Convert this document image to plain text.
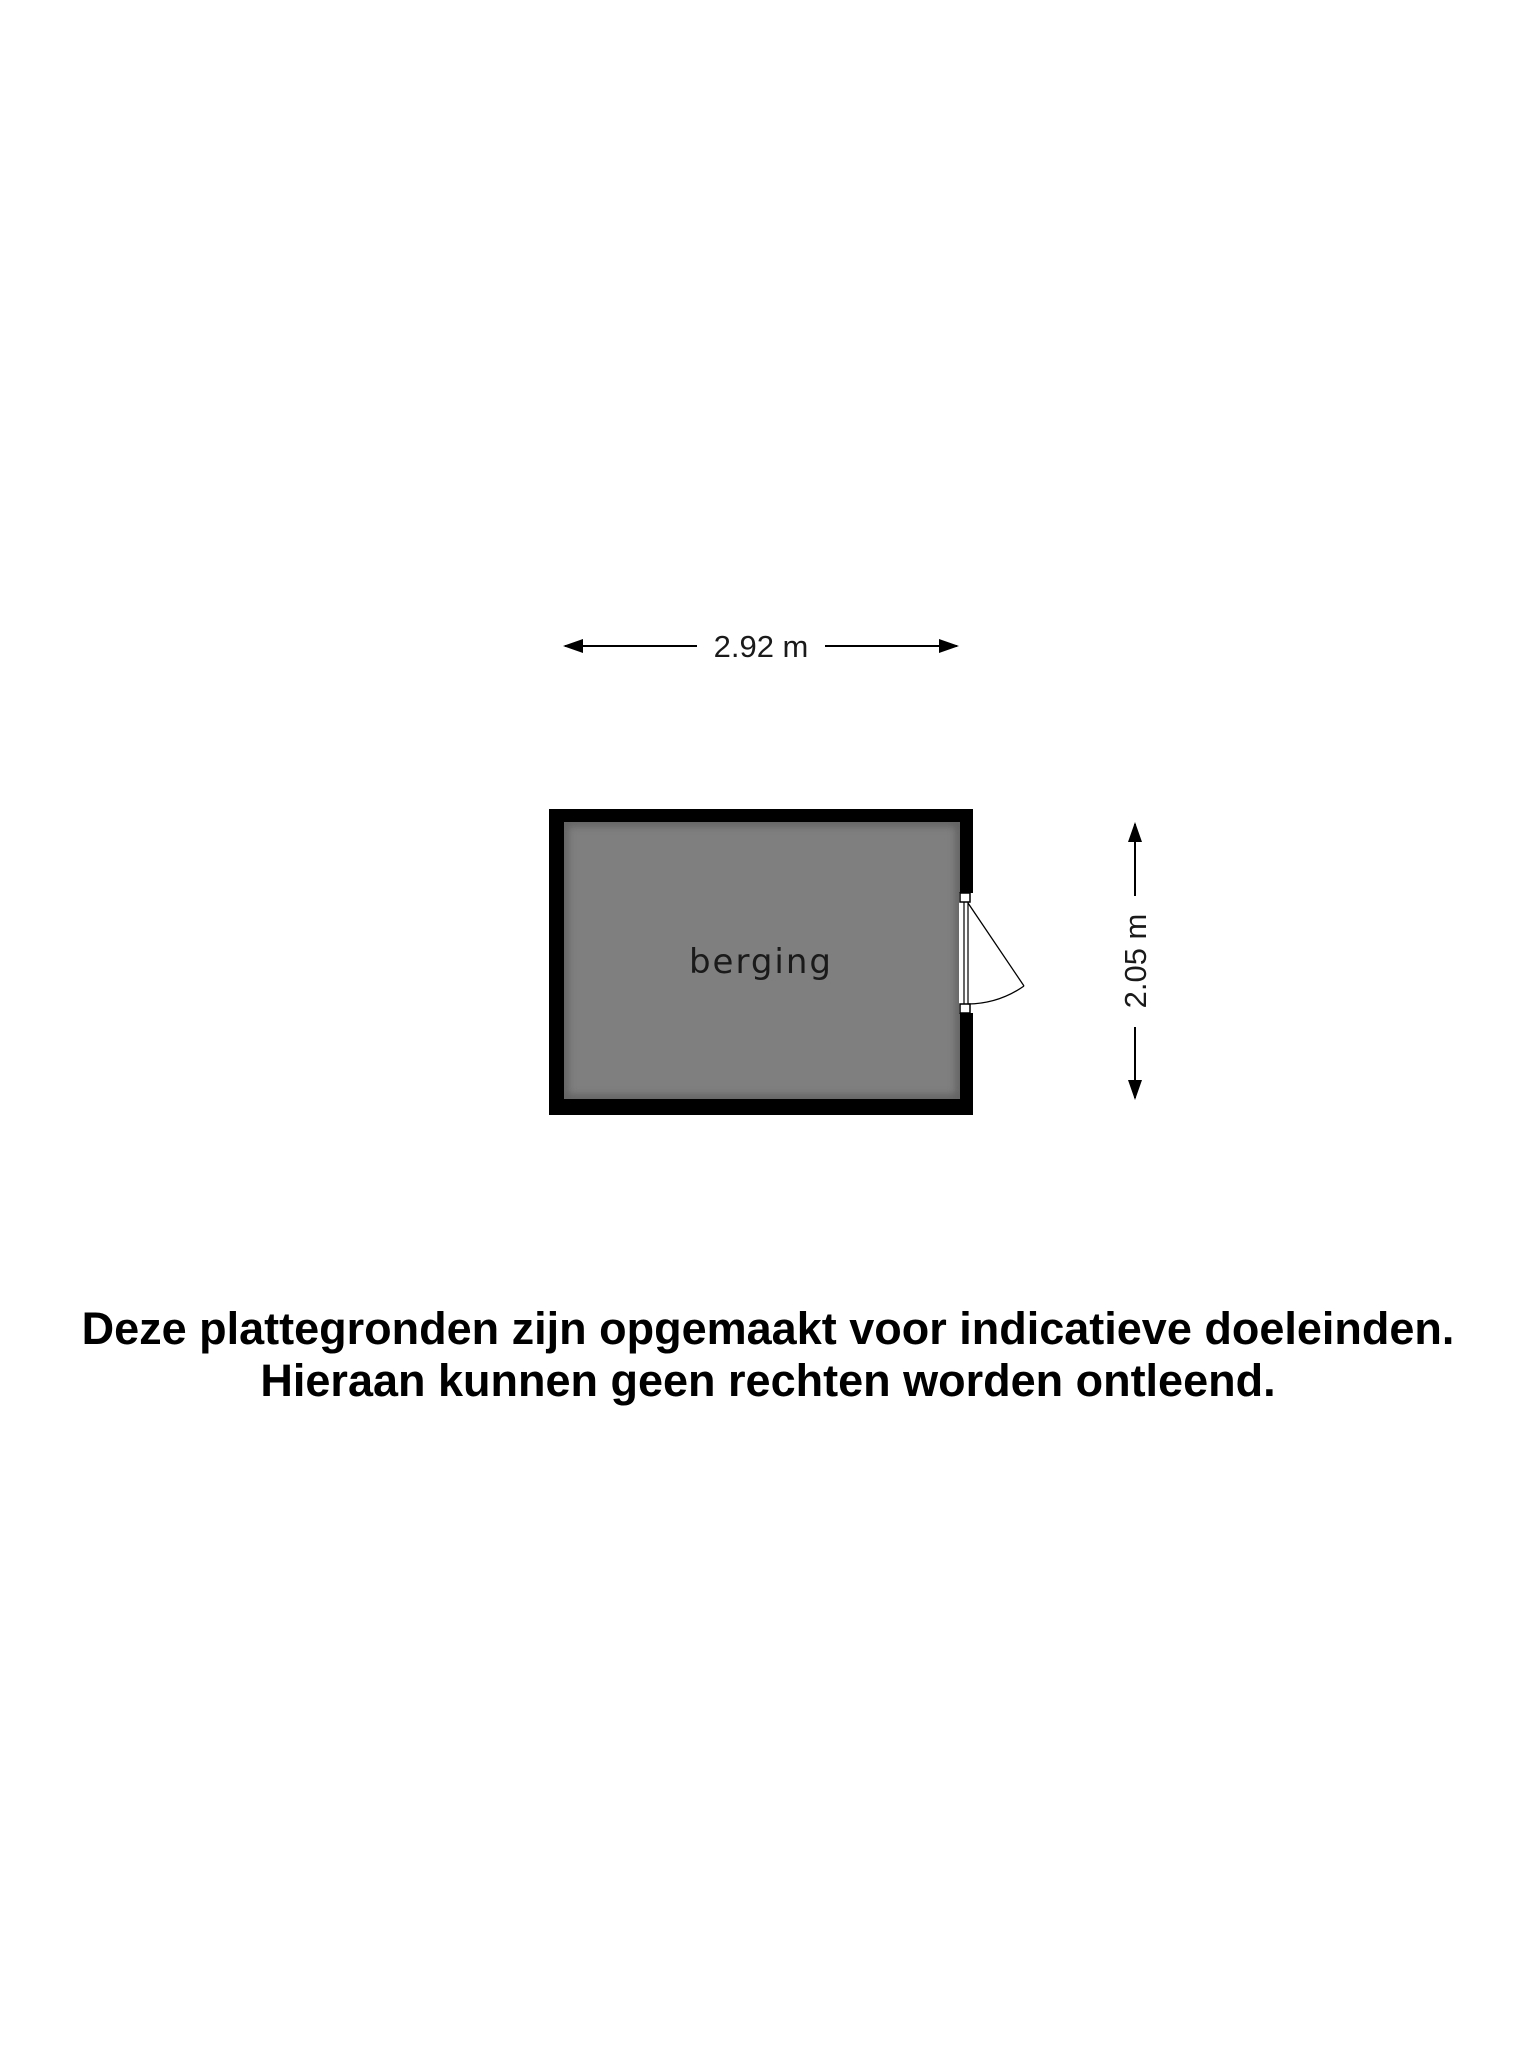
2.92 m
2.05 m
berging
Deze plattegronden zijn opgemaakt voor indicatieve doeleinden.
Hieraan kunnen geen rechten worden ontleend.
